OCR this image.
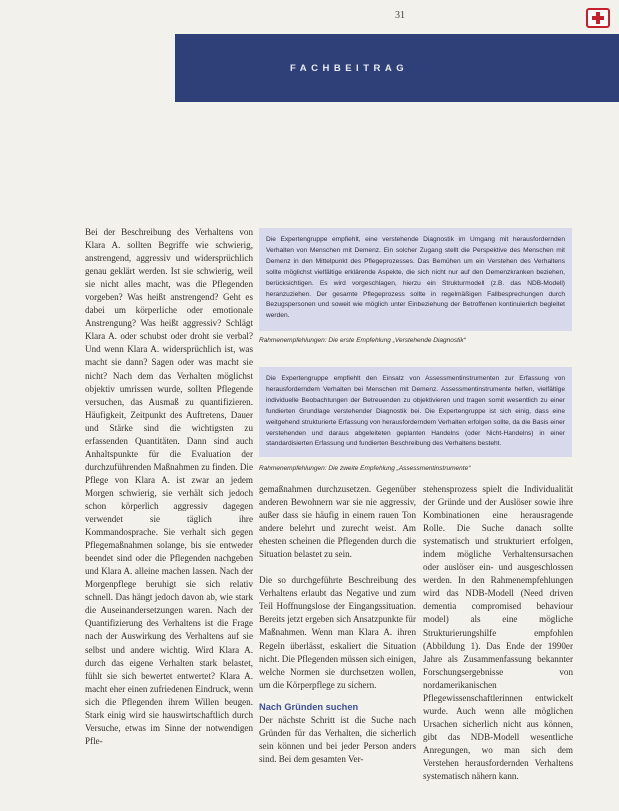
31
FACHBEITRAG

Bei der Beschreibung des Verhaltens von Klara A. sollten Begriffe wie schwierig, anstrengend, aggressiv und widersprüchlich genau geklärt werden. Ist sie schwierig, weil sie nicht alles macht, was die Pflegenden vorgeben? Was heißt anstrengend? Geht es dabei um körperliche oder emotionale Anstrengung? Was heißt aggressiv? Schlägt Klara A. oder schubst oder droht sie verbal? Und wenn Klara A. widersprüchlich ist, was macht sie dann? Sagen oder was macht sie nicht? Nach dem das Verhalten möglichst objektiv umrissen wurde, sollten Pflegende versuchen, das Ausmaß zu quantifizieren. Häufigkeit, Zeitpunkt des Auftretens, Dauer und Stärke sind die wichtigsten zu erfassenden Quantitäten. Dann sind auch Anhaltspunkte für die Evaluation der durchzuführenden Maßnahmen zu finden. Die Pflege von Klara A. ist zwar an jedem Morgen schwierig, sie verhält sich jedoch schon körperlich aggressiv dagegen verwendet sie täglich ihre Kommandosprache. Sie verhalt sich gegen Pflegemaßnahmen solange, bis sie entweder beendet sind oder die Pflegenden nachgeben und Klara A. alleine machen lassen. Nach der Morgenpflege beruhigt sie sich relativ schnell. Das hängt jedoch davon ab, wie stark die Auseinandersetzungen waren. Nach der Quantifizierung des Verhaltens ist die Frage nach der Auswirkung des Verhaltens auf sie selbst und andere wichtig. Wird Klara A. durch das eigene Verhalten stark belastet, fühlt sie sich bewertet entwertet? Klara A. macht eher einen zufriedenen Eindruck, wenn sich die Pflegenden ihrem Willen beugen. Stark einig wird sie hauswirtschaftlich durch Versuche, etwas im Sinne der notwendigen Pfle-

Die Expertengruppe empfiehlt, eine verstehende Diagnostik im Umgang mit herausfordernden Verhalten von Menschen mit Demenz. Ein solcher Zugang stellt die Perspektive des Menschen mit Demenz in den Mittelpunkt des Pflegeprozesses. Das Bemühen um ein Verstehen des Verhaltens sollte möglichst vielfältige erklärende Aspekte, die sich nicht nur auf den Demenzkranken beziehen, berücksichtigen. Es wird vorgeschlagen, hierzu ein Strukturmodell (z.B. das NDB-Modell) heranzuziehen. Der gesamte Pflegeprozess sollte in regelmäßigen Fallbesprechungen durch Bezugspersonen und soweit wie möglich unter Einbeziehung der Betroffenen kontinuierlich begleitet werden.
Rahmenempfehlungen: Die erste Empfehlung „Verstehende Diagnostik“
Die Expertengruppe empfiehlt den Einsatz von Assessmentinstrumenten zur Erfassung von herausforderndem Verhalten bei Menschen mit Demenz. Assessmentinstrumente helfen, vielfältige individuelle Beobachtungen der Betreuenden zu objektivieren und tragen somit wesentlich zu einer fundierten Grundlage verstehender Diagnostik bei. Die Expertengruppe ist sich einig, dass eine weitgehend strukturierte Erfassung von herausforderndem Verhalten erfolgen sollte, da die Basis einer verstehenden und daraus abgeleiteten geplanten Handelns (oder Nicht-Handelns) in einer standardisierten Erfassung und fundierten Beschreibung des Verhaltens besteht.
Rahmenempfehlungen: Die zweite Empfehlung „Assessmentinstrumente“

gemaßnahmen durchzusetzen. Gegenüber anderen Bewohnern war sie nie aggressiv, außer dass sie häufig in einem rauen Ton andere belehrt und zurecht weist. Am ehesten scheinen die Pflegenden durch die Situation belastet zu sein.

Die so durchgeführte Beschreibung des Verhaltens erlaubt das Negative und zum Teil Hoffnungslose der Eingangssituation. Bereits jetzt ergeben sich Ansatzpunkte für Maßnahmen. Wenn man Klara A. ihren Regeln überlässt, eskaliert die Situation nicht. Die Pflegenden müssen sich einigen, welche Normen sie durchsetzen wollen, um die Körperpflege zu sichern.

Nach Gründen suchen

Der nächste Schritt ist die Suche nach Gründen für das Verhalten, die sicherlich sein können und bei jeder Person anders sind. Bei dem gesamten Ver-

stehensprozess spielt die Individualität der Gründe und der Auslöser sowie ihre Kombinationen eine herausragende Rolle. Die Suche danach sollte systematisch und strukturiert erfolgen, indem mögliche Verhaltensursachen oder auslöser ein- und ausgeschlossen werden. In den Rahmenempfehlungen wird das NDB-Modell (Need driven dementia compromised behaviour model) als eine mögliche Strukturierungshilfe empfohlen (Abbildung 1). Das Ende der 1990er Jahre als Zusammenfassung bekannter Forschungsergebnisse von nordamerikanischen Pflegewissenschaftlerinnen entwickelt wurde. Auch wenn alle möglichen Ursachen sicherlich nicht aus können, gibt das NDB-Modell wesentliche Anregungen, wo man sich dem Verstehen herausfordernden Verhaltens systematisch nähern kann.
